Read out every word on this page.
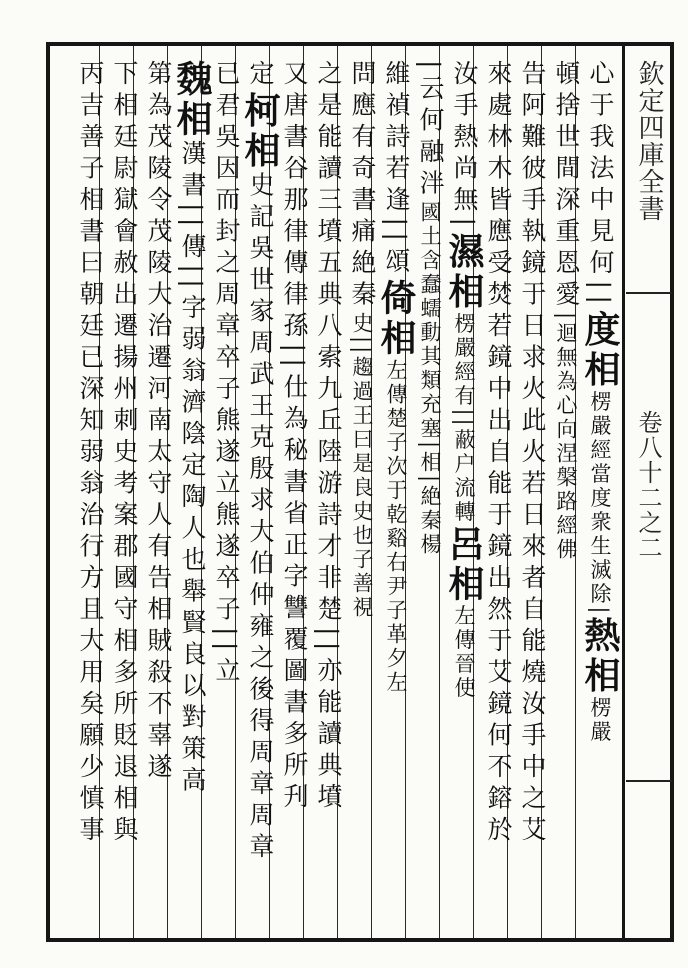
欽定四庫全書
卷八十二之二
心于我法中見何||度相楞嚴經當度衆生滅除|熱相楞嚴
頓捨世間深重恩愛|迴無為心向涅槃路經佛
告阿難彼手執鏡于日求火此火若日來者自能燒汝手中之艾
來處林木皆應受焚若鏡中出自能于鏡出然于艾鏡何不鎔於
汝手熱尚無|濕相楞嚴經有||蔽户流轉呂相左傳晉使
|云何融泮國土含蠢蠕動其類充塞|相|絶秦楊
維禎詩若逢||頌倚相左傳楚子次于乾谿右尹子革夕左
問應有奇書痛絶秦史||趨過王曰是良史也子善視
之是能讀三墳五典八索九丘陸游詩才非楚||亦能讀典墳
又唐書谷那律傳律孫||仕為秘書省正字讐覆圖書多所刋
定柯相史記吳世家周武王克殷求大伯仲雍之後得周章周章
已君吳因而封之周章卒子熊遂立熊遂卒子||立
魏相漢書||傳||字弱翁濟陰定陶人也舉賢良以對策高
第為茂陵令茂陵大治遷河南太守人有告相賊殺不辜遂
下相廷尉獄會赦出遷揚州刺史考案郡國守相多所貶退相與
丙吉善子相書曰朝廷已深知弱翁治行方且大用矣願少慎事
